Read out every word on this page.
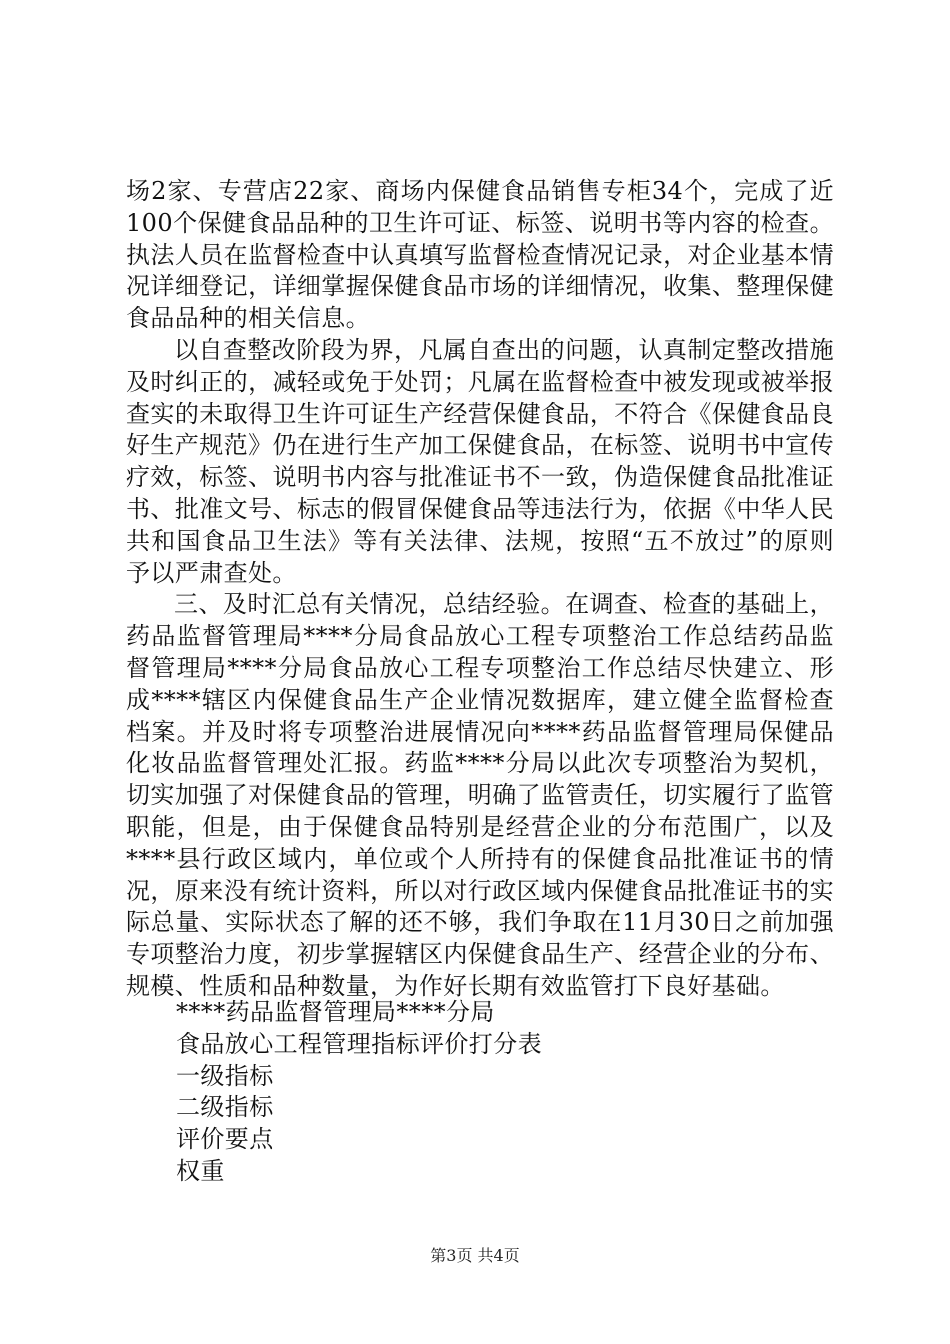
场2家、专营店22家、商场内保健食品销售专柜34个，完成了近100个保健食品品种的卫生许可证、标签、说明书等内容的检查。执法人员在监督检查中认真填写监督检查情况记录，对企业基本情况详细登记，详细掌握保健食品市场的详细情况，收集、整理保健食品品种的相关信息。

以自查整改阶段为界，凡属自查出的问题，认真制定整改措施及时纠正的，减轻或免于处罚；凡属在监督检查中被发现或被举报查实的未取得卫生许可证生产经营保健食品，不符合《保健食品良好生产规范》仍在进行生产加工保健食品，在标签、说明书中宣传疗效，标签、说明书内容与批准证书不一致，伪造保健食品批准证书、批准文号、标志的假冒保健食品等违法行为，依据《中华人民共和国食品卫生法》等有关法律、法规，按照“五不放过”的原则予以严肃查处。

三、及时汇总有关情况，总结经验。在调查、检查的基础上，药品监督管理局****分局食品放心工程专项整治工作总结药品监督管理局****分局食品放心工程专项整治工作总结尽快建立、形成****辖区内保健食品生产企业情况数据库，建立健全监督检查档案。并及时将专项整治进展情况向****药品监督管理局保健品化妆品监督管理处汇报。药监****分局以此次专项整治为契机，切实加强了对保健食品的管理，明确了监管责任，切实履行了监管职能，但是，由于保健食品特别是经营企业的分布范围广，以及****县行政区域内，单位或个人所持有的保健食品批准证书的情况，原来没有统计资料，所以对行政区域内保健食品批准证书的实际总量、实际状态了解的还不够，我们争取在11月30日之前加强专项整治力度，初步掌握辖区内保健食品生产、经营企业的分布、规模、性质和品种数量，为作好长期有效监管打下良好基础。

****药品监督管理局****分局
食品放心工程管理指标评价打分表
一级指标
二级指标
评价要点
权重
第3页 共4页
